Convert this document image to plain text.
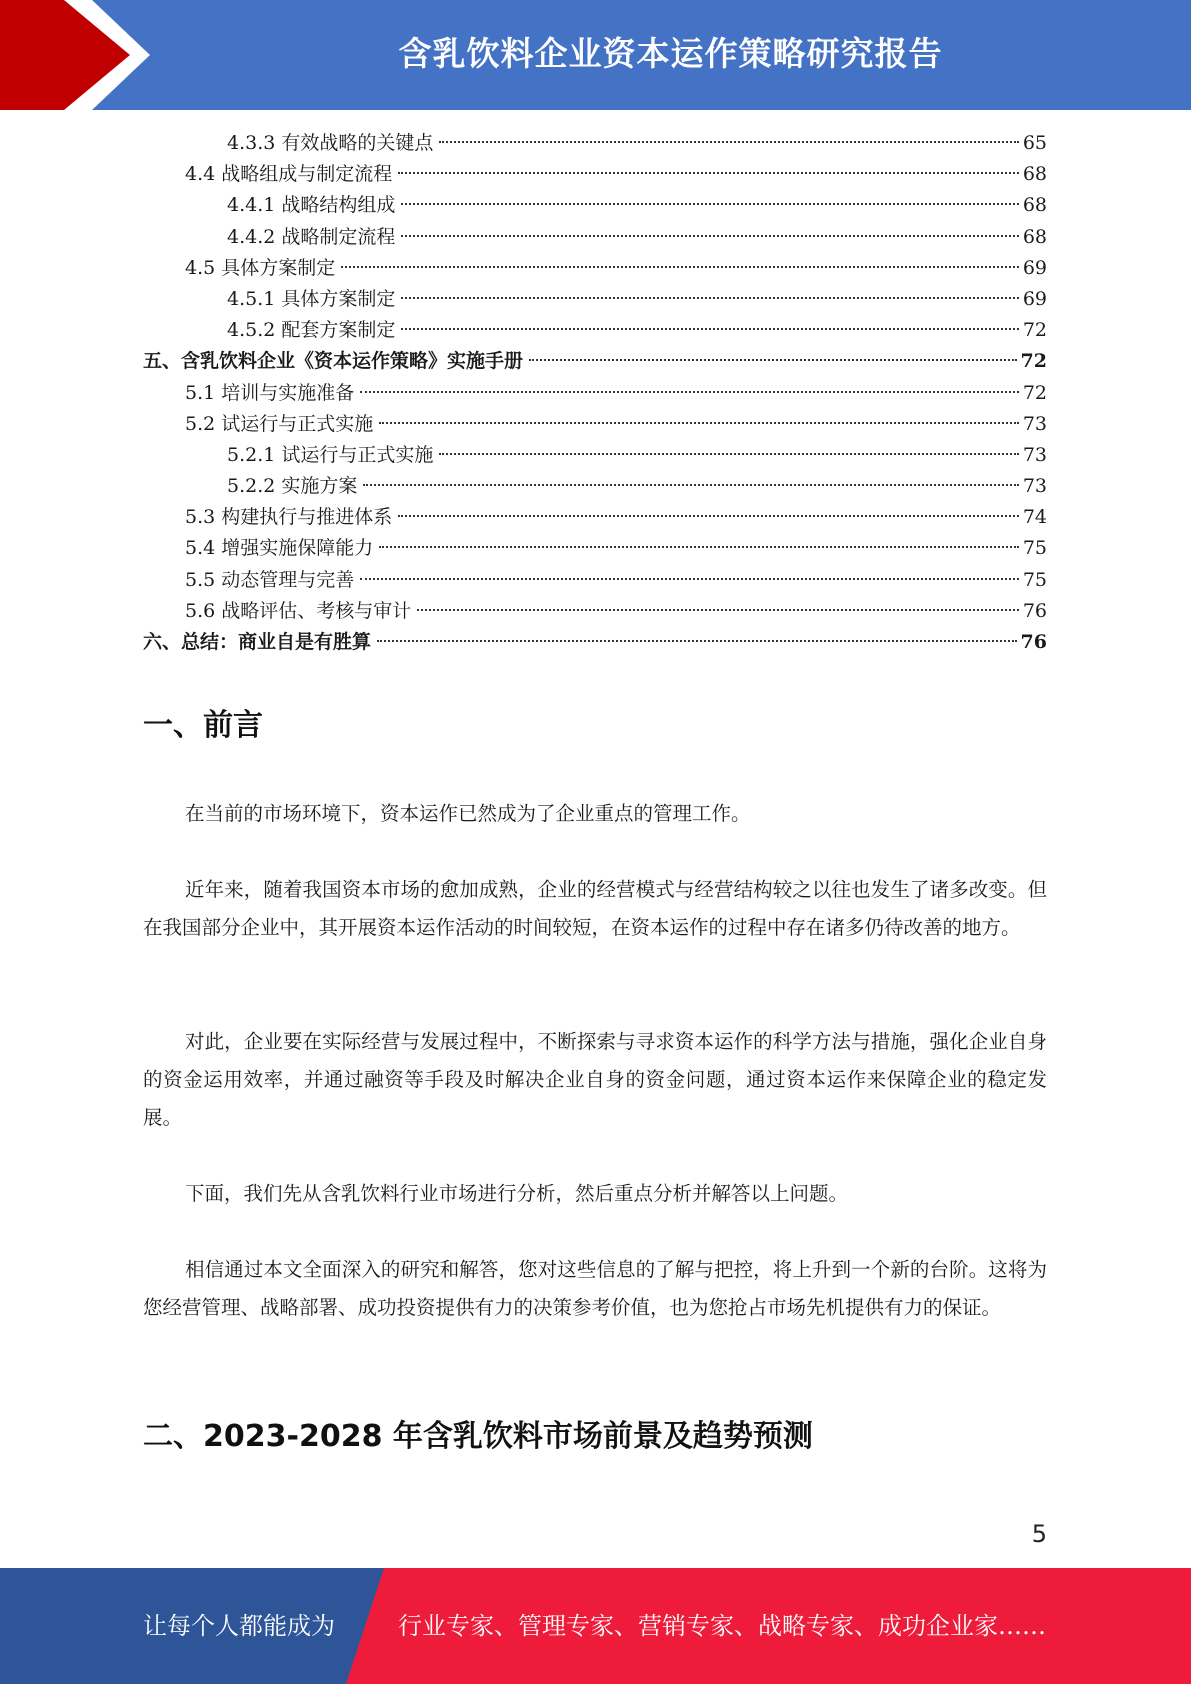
含乳饮料企业资本运作策略研究报告
4.3.3 有效战略的关键点	65
4.4 战略组成与制定流程	68
4.4.1 战略结构组成	68
4.4.2 战略制定流程	68
4.5 具体方案制定	69
4.5.1 具体方案制定	69
4.5.2 配套方案制定	72
五、含乳饮料企业《资本运作策略》实施手册	72
5.1 培训与实施准备	72
5.2 试运行与正式实施	73
5.2.1 试运行与正式实施	73
5.2.2 实施方案	73
5.3 构建执行与推进体系	74
5.4 增强实施保障能力	75
5.5 动态管理与完善	75
5.6 战略评估、考核与审计	76
六、总结：商业自是有胜算	76
一、前言
在当前的市场环境下，资本运作已然成为了企业重点的管理工作。
近年来，随着我国资本市场的愈加成熟，企业的经营模式与经营结构较之以往也发生了诸多改变。但在我国部分企业中，其开展资本运作活动的时间较短，在资本运作的过程中存在诸多仍待改善的地方。
对此，企业要在实际经营与发展过程中，不断探索与寻求资本运作的科学方法与措施，强化企业自身的资金运用效率，并通过融资等手段及时解决企业自身的资金问题，通过资本运作来保障企业的稳定发展。
下面，我们先从含乳饮料行业市场进行分析，然后重点分析并解答以上问题。
相信通过本文全面深入的研究和解答，您对这些信息的了解与把控，将上升到一个新的台阶。这将为您经营管理、战略部署、成功投资提供有力的决策参考价值，也为您抢占市场先机提供有力的保证。
二、2023-2028 年含乳饮料市场前景及趋势预测
5
让每个人都能成为	行业专家、管理专家、营销专家、战略专家、成功企业家……
